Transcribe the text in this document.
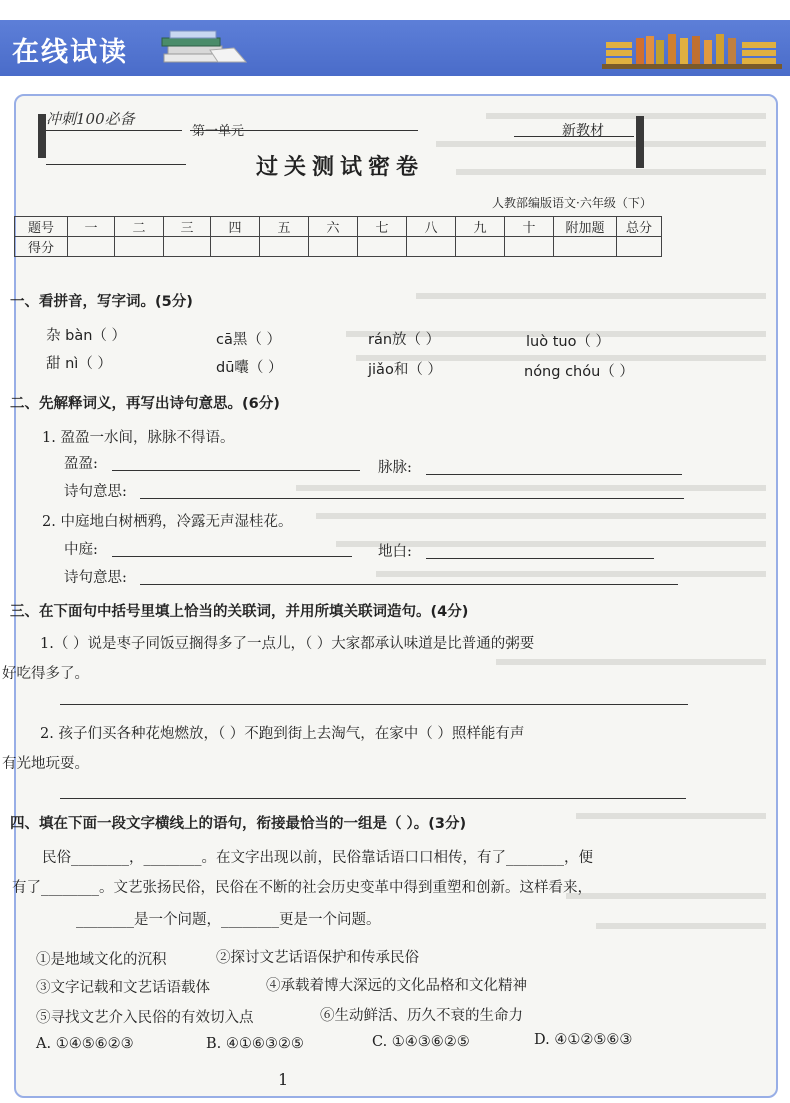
在线试读
冲刺100必备
第一单元	新教材
过关测试密卷
人教部编版语文·六年级（下）
题号	一	二	三	四	五	六	七	八	九	十	附加题	总分
得分												
一、看拼音，写字词。(5分)
杂 bàn（ ）	cā黑（ ）	rán放（ ）	luò tuo（ ）
甜 nì（ ）	dū囔（ ）	jiǎo和（ ）	nóng chóu（ ）
二、先解释词义，再写出诗句意思。(6分)
1. 盈盈一水间，脉脉不得语。
盈盈:	脉脉:
诗句意思:
2. 中庭地白树栖鸦，冷露无声湿桂花。
中庭:	地白:
诗句意思:
三、在下面句中括号里填上恰当的关联词，并用所填关联词造句。(4分)
1.（ ）说是枣子同饭豆搁得多了一点儿，（ ）大家都承认味道是比普通的粥要
好吃得多了。
2. 孩子们买各种花炮燃放，（ ）不跑到街上去淘气，在家中（ ）照样能有声
有光地玩耍。
四、填在下面一段文字横线上的语句，衔接最恰当的一组是（ ）。(3分)
民俗________，________。在文字出现以前，民俗靠话语口口相传，有了________，便
有了________。文艺张扬民俗，民俗在不断的社会历史变革中得到重塑和创新。这样看来，
________是一个问题，________更是一个问题。
①是地域文化的沉积	②探讨文艺话语保护和传承民俗
③文字记载和文艺话语载体	④承载着博大深远的文化品格和文化精神
⑤寻找文艺介入民俗的有效切入点	⑥生动鲜活、历久不衰的生命力
A. ①④⑤⑥②③	B. ④①⑥③②⑤	C. ①④③⑥②⑤	D. ④①②⑤⑥③
1
